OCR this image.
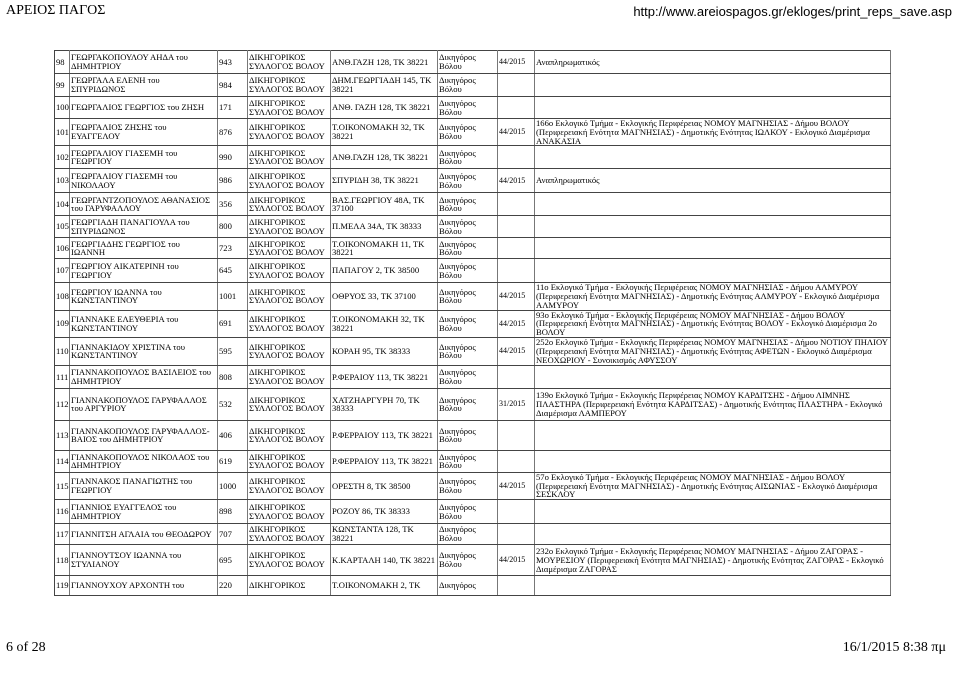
ΑΡΕΙΟΣ ΠΑΓΟΣ	http://www.areiospagos.gr/ekloges/print_reps_save.asp
98	ΓΕΩΡΓΑΚΟΠΟΥΛΟΥ ΑΗΔΑ του ΔΗΜΗΤΡΙΟΥ	943	ΔΙΚΗΓΟΡΙΚΟΣ ΣΥΛΛΟΓΟΣ ΒΟΛΟΥ	ΑΝΘ.ΓΑΖΗ 128, ΤΚ 38221	Δικηγόρος Βόλου	44/2015	Αναπληρωματικός
99	ΓΕΩΡΓΑΛΑ ΕΛΕΝΗ του ΣΠΥΡΙΔΩΝΟΣ	984	ΔΙΚΗΓΟΡΙΚΟΣ ΣΥΛΛΟΓΟΣ ΒΟΛΟΥ	ΔΗΜ.ΓΕΩΡΓΙΑΔΗ 145, ΤΚ 38221	Δικηγόρος Βόλου		
100	ΓΕΩΡΓΑΛΙΟΣ ΓΕΩΡΓΙΟΣ του ΖΗΣΗ	171	ΔΙΚΗΓΟΡΙΚΟΣ ΣΥΛΛΟΓΟΣ ΒΟΛΟΥ	ΑΝΘ. ΓΑΖΗ 128, ΤΚ 38221	Δικηγόρος Βόλου		
101	ΓΕΩΡΓΑΛΙΟΣ ΖΗΣΗΣ του ΕΥΑΓΓΕΛΟΥ	876	ΔΙΚΗΓΟΡΙΚΟΣ ΣΥΛΛΟΓΟΣ ΒΟΛΟΥ	Τ.ΟΙΚΟΝΟΜΑΚΗ 32, ΤΚ 38221	Δικηγόρος Βόλου	44/2015	166ο Εκλογικό Τμήμα - Εκλογικής Περιφέρειας ΝΟΜΟΥ ΜΑΓΝΗΣΙΑΣ - Δήμου ΒΟΛΟΥ (Περιφερειακή Ενότητα ΜΑΓΝΗΣΙΑΣ) - Δημοτικής Ενότητας ΙΩΛΚΟΥ - Εκλογικό Διαμέρισμα ΑΝΑΚΑΣΙΑ
102	ΓΕΩΡΓΑΛΙΟΥ ΓΙΑΣΕΜΗ του ΓΕΩΡΓΙΟΥ	990	ΔΙΚΗΓΟΡΙΚΟΣ ΣΥΛΛΟΓΟΣ ΒΟΛΟΥ	ΑΝΘ.ΓΑΖΗ 128, ΤΚ 38221	Δικηγόρος Βόλου		
103	ΓΕΩΡΓΑΛΙΟΥ ΓΙΑΣΕΜΗ του ΝΙΚΟΛΑΟΥ	986	ΔΙΚΗΓΟΡΙΚΟΣ ΣΥΛΛΟΓΟΣ ΒΟΛΟΥ	ΣΠΥΡΙΔΗ 38, ΤΚ 38221	Δικηγόρος Βόλου	44/2015	Αναπληρωματικός
104	ΓΕΩΡΓΑΝΤΖΟΠΟΥΛΟΣ ΑΘΑΝΑΣΙΟΣ του ΓΑΡΥΦΑΛΛΟΥ	356	ΔΙΚΗΓΟΡΙΚΟΣ ΣΥΛΛΟΓΟΣ ΒΟΛΟΥ	ΒΑΣ.ΓΕΩΡΓΙΟΥ 48Α, ΤΚ 37100	Δικηγόρος Βόλου		
105	ΓΕΩΡΓΙΑΔΗ ΠΑΝΑΓΙΟΥΛΑ του ΣΠΥΡΙΔΩΝΟΣ	800	ΔΙΚΗΓΟΡΙΚΟΣ ΣΥΛΛΟΓΟΣ ΒΟΛΟΥ	Π.ΜΕΛΑ 34Α, ΤΚ 38333	Δικηγόρος Βόλου		
106	ΓΕΩΡΓΙΑΔΗΣ ΓΕΩΡΓΙΟΣ του ΙΩΑΝΝΗ	723	ΔΙΚΗΓΟΡΙΚΟΣ ΣΥΛΛΟΓΟΣ ΒΟΛΟΥ	Τ.ΟΙΚΟΝΟΜΑΚΗ 11, ΤΚ 38221	Δικηγόρος Βόλου		
107	ΓΕΩΡΓΙΟΥ ΑΙΚΑΤΕΡΙΝΗ του ΓΕΩΡΓΙΟΥ	645	ΔΙΚΗΓΟΡΙΚΟΣ ΣΥΛΛΟΓΟΣ ΒΟΛΟΥ	ΠΑΠΑΓΟΥ 2, ΤΚ 38500	Δικηγόρος Βόλου		
108	ΓΕΩΡΓΙΟΥ ΙΩΑΝΝΑ του ΚΩΝΣΤΑΝΤΙΝΟΥ	1001	ΔΙΚΗΓΟΡΙΚΟΣ ΣΥΛΛΟΓΟΣ ΒΟΛΟΥ	ΟΘΡΥΟΣ 33, ΤΚ 37100	Δικηγόρος Βόλου	44/2015	11ο Εκλογικό Τμήμα - Εκλογικής Περιφέρειας ΝΟΜΟΥ ΜΑΓΝΗΣΙΑΣ - Δήμου ΑΛΜΥΡΟΥ (Περιφερειακή Ενότητα ΜΑΓΝΗΣΙΑΣ) - Δημοτικής Ενότητας ΑΛΜΥΡΟΥ - Εκλογικό Διαμέρισμα ΑΛΜΥΡΟΥ
109	ΓΙΑΝΝΑΚΕ ΕΛΕΥΘΕΡΙΑ του ΚΩΝΣΤΑΝΤΙΝΟΥ	691	ΔΙΚΗΓΟΡΙΚΟΣ ΣΥΛΛΟΓΟΣ ΒΟΛΟΥ	Τ.ΟΙΚΟΝΟΜΑΚΗ 32, ΤΚ 38221	Δικηγόρος Βόλου	44/2015	93ο Εκλογικό Τμήμα - Εκλογικής Περιφέρειας ΝΟΜΟΥ ΜΑΓΝΗΣΙΑΣ - Δήμου ΒΟΛΟΥ (Περιφερειακή Ενότητα ΜΑΓΝΗΣΙΑΣ) - Δημοτικής Ενότητας ΒΟΛΟΥ - Εκλογικό Διαμέρισμα 2ο ΒΟΛΟΥ
110	ΓΙΑΝΝΑΚΙΔΟΥ ΧΡΙΣΤΙΝΑ του ΚΩΝΣΤΑΝΤΙΝΟΥ	595	ΔΙΚΗΓΟΡΙΚΟΣ ΣΥΛΛΟΓΟΣ ΒΟΛΟΥ	ΚΟΡΑΗ 95, ΤΚ 38333	Δικηγόρος Βόλου	44/2015	252ο Εκλογικό Τμήμα - Εκλογικής Περιφέρειας ΝΟΜΟΥ ΜΑΓΝΗΣΙΑΣ - Δήμου ΝΟΤΙΟΥ ΠΗΛΙΟΥ (Περιφερειακή Ενότητα ΜΑΓΝΗΣΙΑΣ) - Δημοτικής Ενότητας ΑΦΕΤΩΝ - Εκλογικό Διαμέρισμα ΝΕΟΧΩΡΙΟΥ - Συνοικισμός ΑΦΥΣΣΟΥ
111	ΓΙΑΝΝΑΚΟΠΟΥΛΟΣ ΒΑΣΙΛΕΙΟΣ του ΔΗΜΗΤΡΙΟΥ	808	ΔΙΚΗΓΟΡΙΚΟΣ ΣΥΛΛΟΓΟΣ ΒΟΛΟΥ	Ρ.ΦΕΡΑΙΟΥ 113, ΤΚ 38221	Δικηγόρος Βόλου		
112	ΓΙΑΝΝΑΚΟΠΟΥΛΟΣ ΓΑΡΥΦΑΛΛΟΣ του ΑΡΓΥΡΙΟΥ	532	ΔΙΚΗΓΟΡΙΚΟΣ ΣΥΛΛΟΓΟΣ ΒΟΛΟΥ	ΧΑΤΖΗΑΡΓΥΡΗ 70, ΤΚ 38333	Δικηγόρος Βόλου	31/2015	139ο Εκλογικό Τμήμα - Εκλογικής Περιφέρειας ΝΟΜΟΥ ΚΑΡΔΙΤΣΗΣ - Δήμου ΛΙΜΝΗΣ ΠΛΑΣΤΗΡΑ (Περιφερειακή Ενότητα ΚΑΡΔΙΤΣΑΣ) - Δημοτικής Ενότητας ΠΛΑΣΤΗΡΑ - Εκλογικό Διαμέρισμα ΛΑΜΠΕΡΟΥ
113	ΓΙΑΝΝΑΚΟΠΟΥΛΟΣ ΓΑΡΥΦΑΛΛΟΣ-ΒΑΙΟΣ του ΔΗΜΗΤΡΙΟΥ	406	ΔΙΚΗΓΟΡΙΚΟΣ ΣΥΛΛΟΓΟΣ ΒΟΛΟΥ	Ρ.ΦΕΡΡΑΙΟΥ 113, ΤΚ 38221	Δικηγόρος Βόλου		
114	ΓΙΑΝΝΑΚΟΠΟΥΛΟΣ ΝΙΚΟΛΑΟΣ του ΔΗΜΗΤΡΙΟΥ	619	ΔΙΚΗΓΟΡΙΚΟΣ ΣΥΛΛΟΓΟΣ ΒΟΛΟΥ	Ρ.ΦΕΡΡΑΙΟΥ 113, ΤΚ 38221	Δικηγόρος Βόλου		
115	ΓΙΑΝΝΑΚΟΣ ΠΑΝΑΓΙΩΤΗΣ του ΓΕΩΡΓΙΟΥ	1000	ΔΙΚΗΓΟΡΙΚΟΣ ΣΥΛΛΟΓΟΣ ΒΟΛΟΥ	ΟΡΕΣΤΗ 8, ΤΚ 38500	Δικηγόρος Βόλου	44/2015	57ο Εκλογικό Τμήμα - Εκλογικής Περιφέρειας ΝΟΜΟΥ ΜΑΓΝΗΣΙΑΣ - Δήμου ΒΟΛΟΥ (Περιφερειακή Ενότητα ΜΑΓΝΗΣΙΑΣ) - Δημοτικής Ενότητας ΑΙΣΩΝΙΑΣ - Εκλογικό Διαμέρισμα ΣΕΣΚΛΟΥ
116	ΓΙΑΝΝΙΟΣ ΕΥΑΓΓΕΛΟΣ του ΔΗΜΗΤΡΙΟΥ	898	ΔΙΚΗΓΟΡΙΚΟΣ ΣΥΛΛΟΓΟΣ ΒΟΛΟΥ	ΡΟΖΟΥ 86, ΤΚ 38333	Δικηγόρος Βόλου		
117	ΓΙΑΝΝΙΤΣΗ ΑΓΛΑΙΑ του ΘΕΟΔΩΡΟΥ	707	ΔΙΚΗΓΟΡΙΚΟΣ ΣΥΛΛΟΓΟΣ ΒΟΛΟΥ	ΚΩΝΣΤΑΝΤΑ 128, ΤΚ 38221	Δικηγόρος Βόλου		
118	ΓΙΑΝΝΟΥΤΣΟΥ ΙΩΑΝΝΑ του ΣΤΥΛΙΑΝΟΥ	695	ΔΙΚΗΓΟΡΙΚΟΣ ΣΥΛΛΟΓΟΣ ΒΟΛΟΥ	Κ.ΚΑΡΤΑΛΗ 140, ΤΚ 38221	Δικηγόρος Βόλου	44/2015	232ο Εκλογικό Τμήμα - Εκλογικής Περιφέρειας ΝΟΜΟΥ ΜΑΓΝΗΣΙΑΣ - Δήμου ΖΑΓΟΡΑΣ - ΜΟΥΡΕΣΙΟΥ (Περιφερειακή Ενότητα ΜΑΓΝΗΣΙΑΣ) - Δημοτικής Ενότητας ΖΑΓΟΡΑΣ - Εκλογικό Διαμέρισμα ΖΑΓΟΡΑΣ
119	ΓΙΑΝΝΟΥΧΟΥ ΑΡΧΟΝΤΗ του	220	ΔΙΚΗΓΟΡΙΚΟΣ	Τ.ΟΙΚΟΝΟΜΑΚΗ 2, ΤΚ	Δικηγόρος		
6 of 28	16/1/2015 8:38 πμ
